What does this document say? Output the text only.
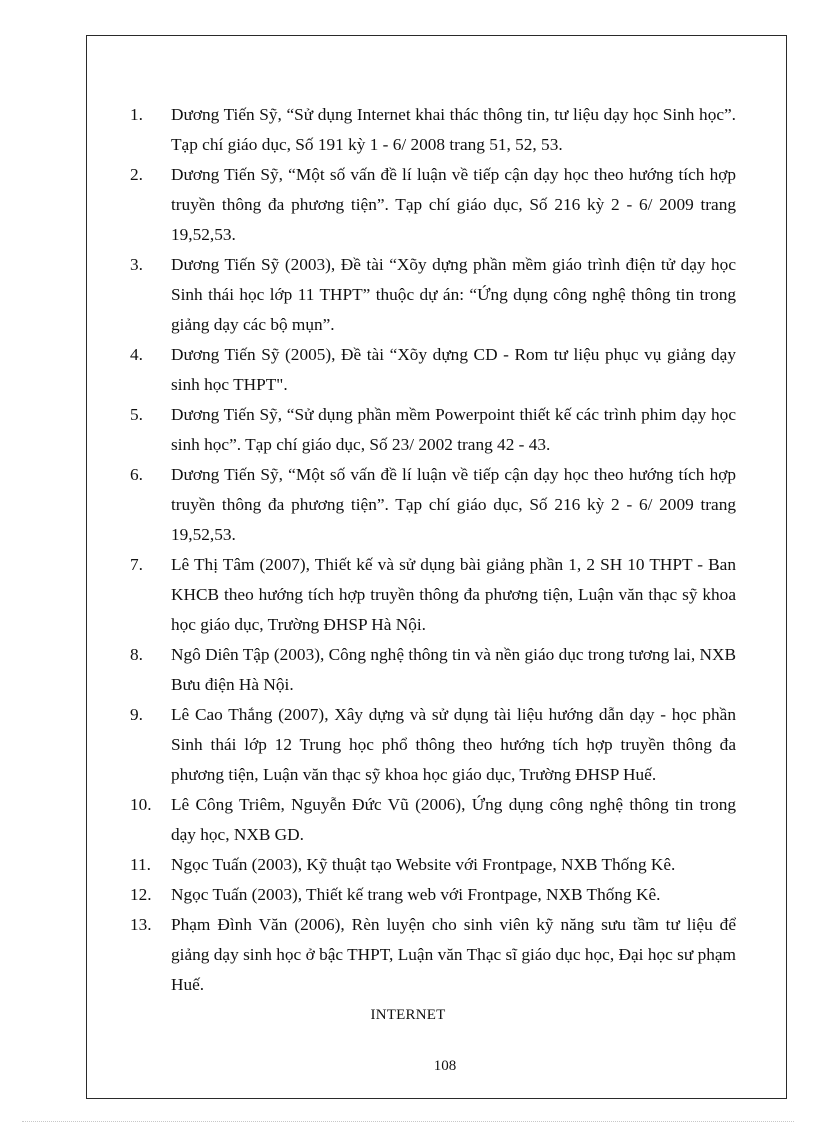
1.	Dương Tiến Sỹ, “Sử dụng Internet khai thác thông tin, tư liệu dạy học Sinh học”. Tạp chí giáo dục, Số 191 kỳ 1 - 6/ 2008 trang 51, 52, 53.
2.	Dương Tiến Sỹ, “Một số vấn đề lí luận về tiếp cận dạy học theo hướng tích hợp truyền thông đa phương tiện”. Tạp chí giáo dục, Số 216 kỳ 2 - 6/ 2009 trang 19,52,53.
3.	Dương Tiến Sỹ (2003), Đề tài “Xõy dựng phần mềm giáo trình điện tử dạy học Sinh thái học lớp 11 THPT” thuộc dự án: “Ứng dụng công nghệ thông tin trong giảng dạy các bộ mụn”.
4.	Dương Tiến Sỹ (2005), Đề tài “Xõy dựng CD - Rom tư liệu phục vụ giảng dạy sinh học THPT".
5.	Dương Tiến Sỹ, “Sử dụng phần mềm Powerpoint thiết kế các trình phim dạy học sinh học”. Tạp chí giáo dục, Số 23/ 2002 trang 42 - 43.
6.	Dương Tiến Sỹ, “Một số vấn đề lí luận về tiếp cận dạy học theo hướng tích hợp truyền thông đa phương tiện”. Tạp chí giáo dục, Số 216 kỳ 2 - 6/ 2009 trang 19,52,53.
7.	Lê Thị Tâm (2007), Thiết kế và sử dụng bài giảng phần 1, 2 SH 10 THPT - Ban KHCB theo hướng tích hợp truyền thông đa phương tiện, Luận văn thạc sỹ khoa học giáo dục, Trường ĐHSP Hà Nội.
8.	Ngô Diên Tập (2003), Công nghệ thông tin và nền giáo dục trong tương lai, NXB Bưu điện Hà Nội.
9.	Lê Cao Thắng (2007), Xây dựng và sử dụng tài liệu hướng dẫn dạy - học phần Sinh thái lớp 12 Trung học phổ thông theo hướng tích hợp truyền thông đa phương tiện, Luận văn thạc sỹ khoa học giáo dục, Trường ĐHSP Huế.
10.	Lê Công Triêm, Nguyễn Đức Vũ (2006), Ứng dụng công nghệ thông tin trong dạy học, NXB GD.
11.	Ngọc Tuấn (2003), Kỹ thuật tạo Website với Frontpage, NXB Thống Kê.
12.	Ngọc Tuấn (2003), Thiết kế trang web với Frontpage, NXB Thống Kê.
13.	Phạm Đình Văn (2006), Rèn luyện cho sinh viên kỹ năng sưu tầm tư liệu để giảng dạy sinh học ở bậc THPT, Luận văn Thạc sĩ giáo dục học, Đại học sư phạm Huế.
INTERNET
108
